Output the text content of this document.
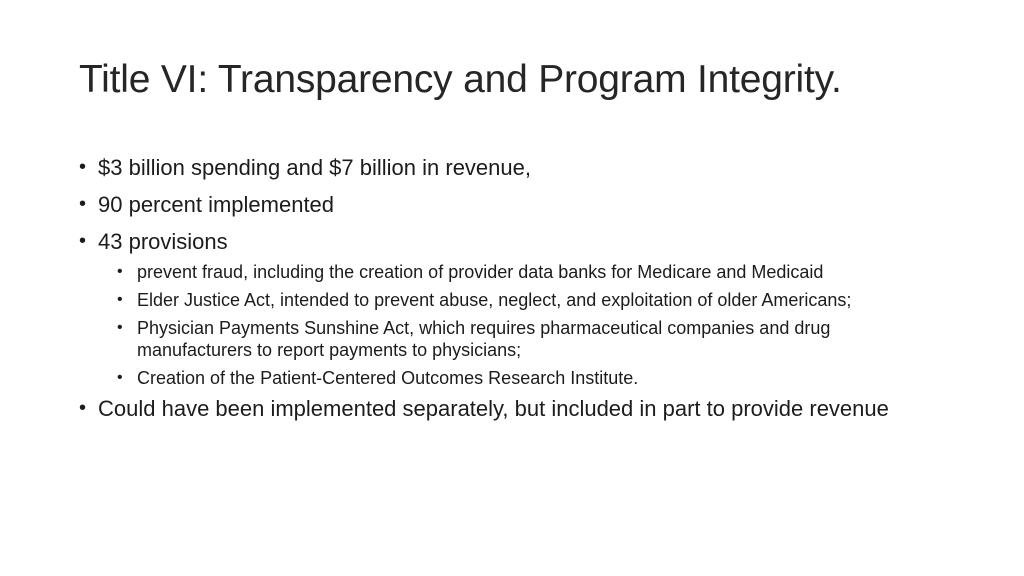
Title VI: Transparency and Program Integrity.
• $3 billion spending and $7 billion in revenue,
• 90 percent implemented
• 43 provisions
• prevent fraud, including the creation of provider data banks for Medicare and Medicaid
• Elder Justice Act, intended to prevent abuse, neglect, and exploitation of older Americans;
• Physician Payments Sunshine Act, which requires pharmaceutical companies and drug manufacturers to report payments to physicians;
• Creation of the Patient-Centered Outcomes Research Institute.
• Could have been implemented separately, but included in part to provide revenue
